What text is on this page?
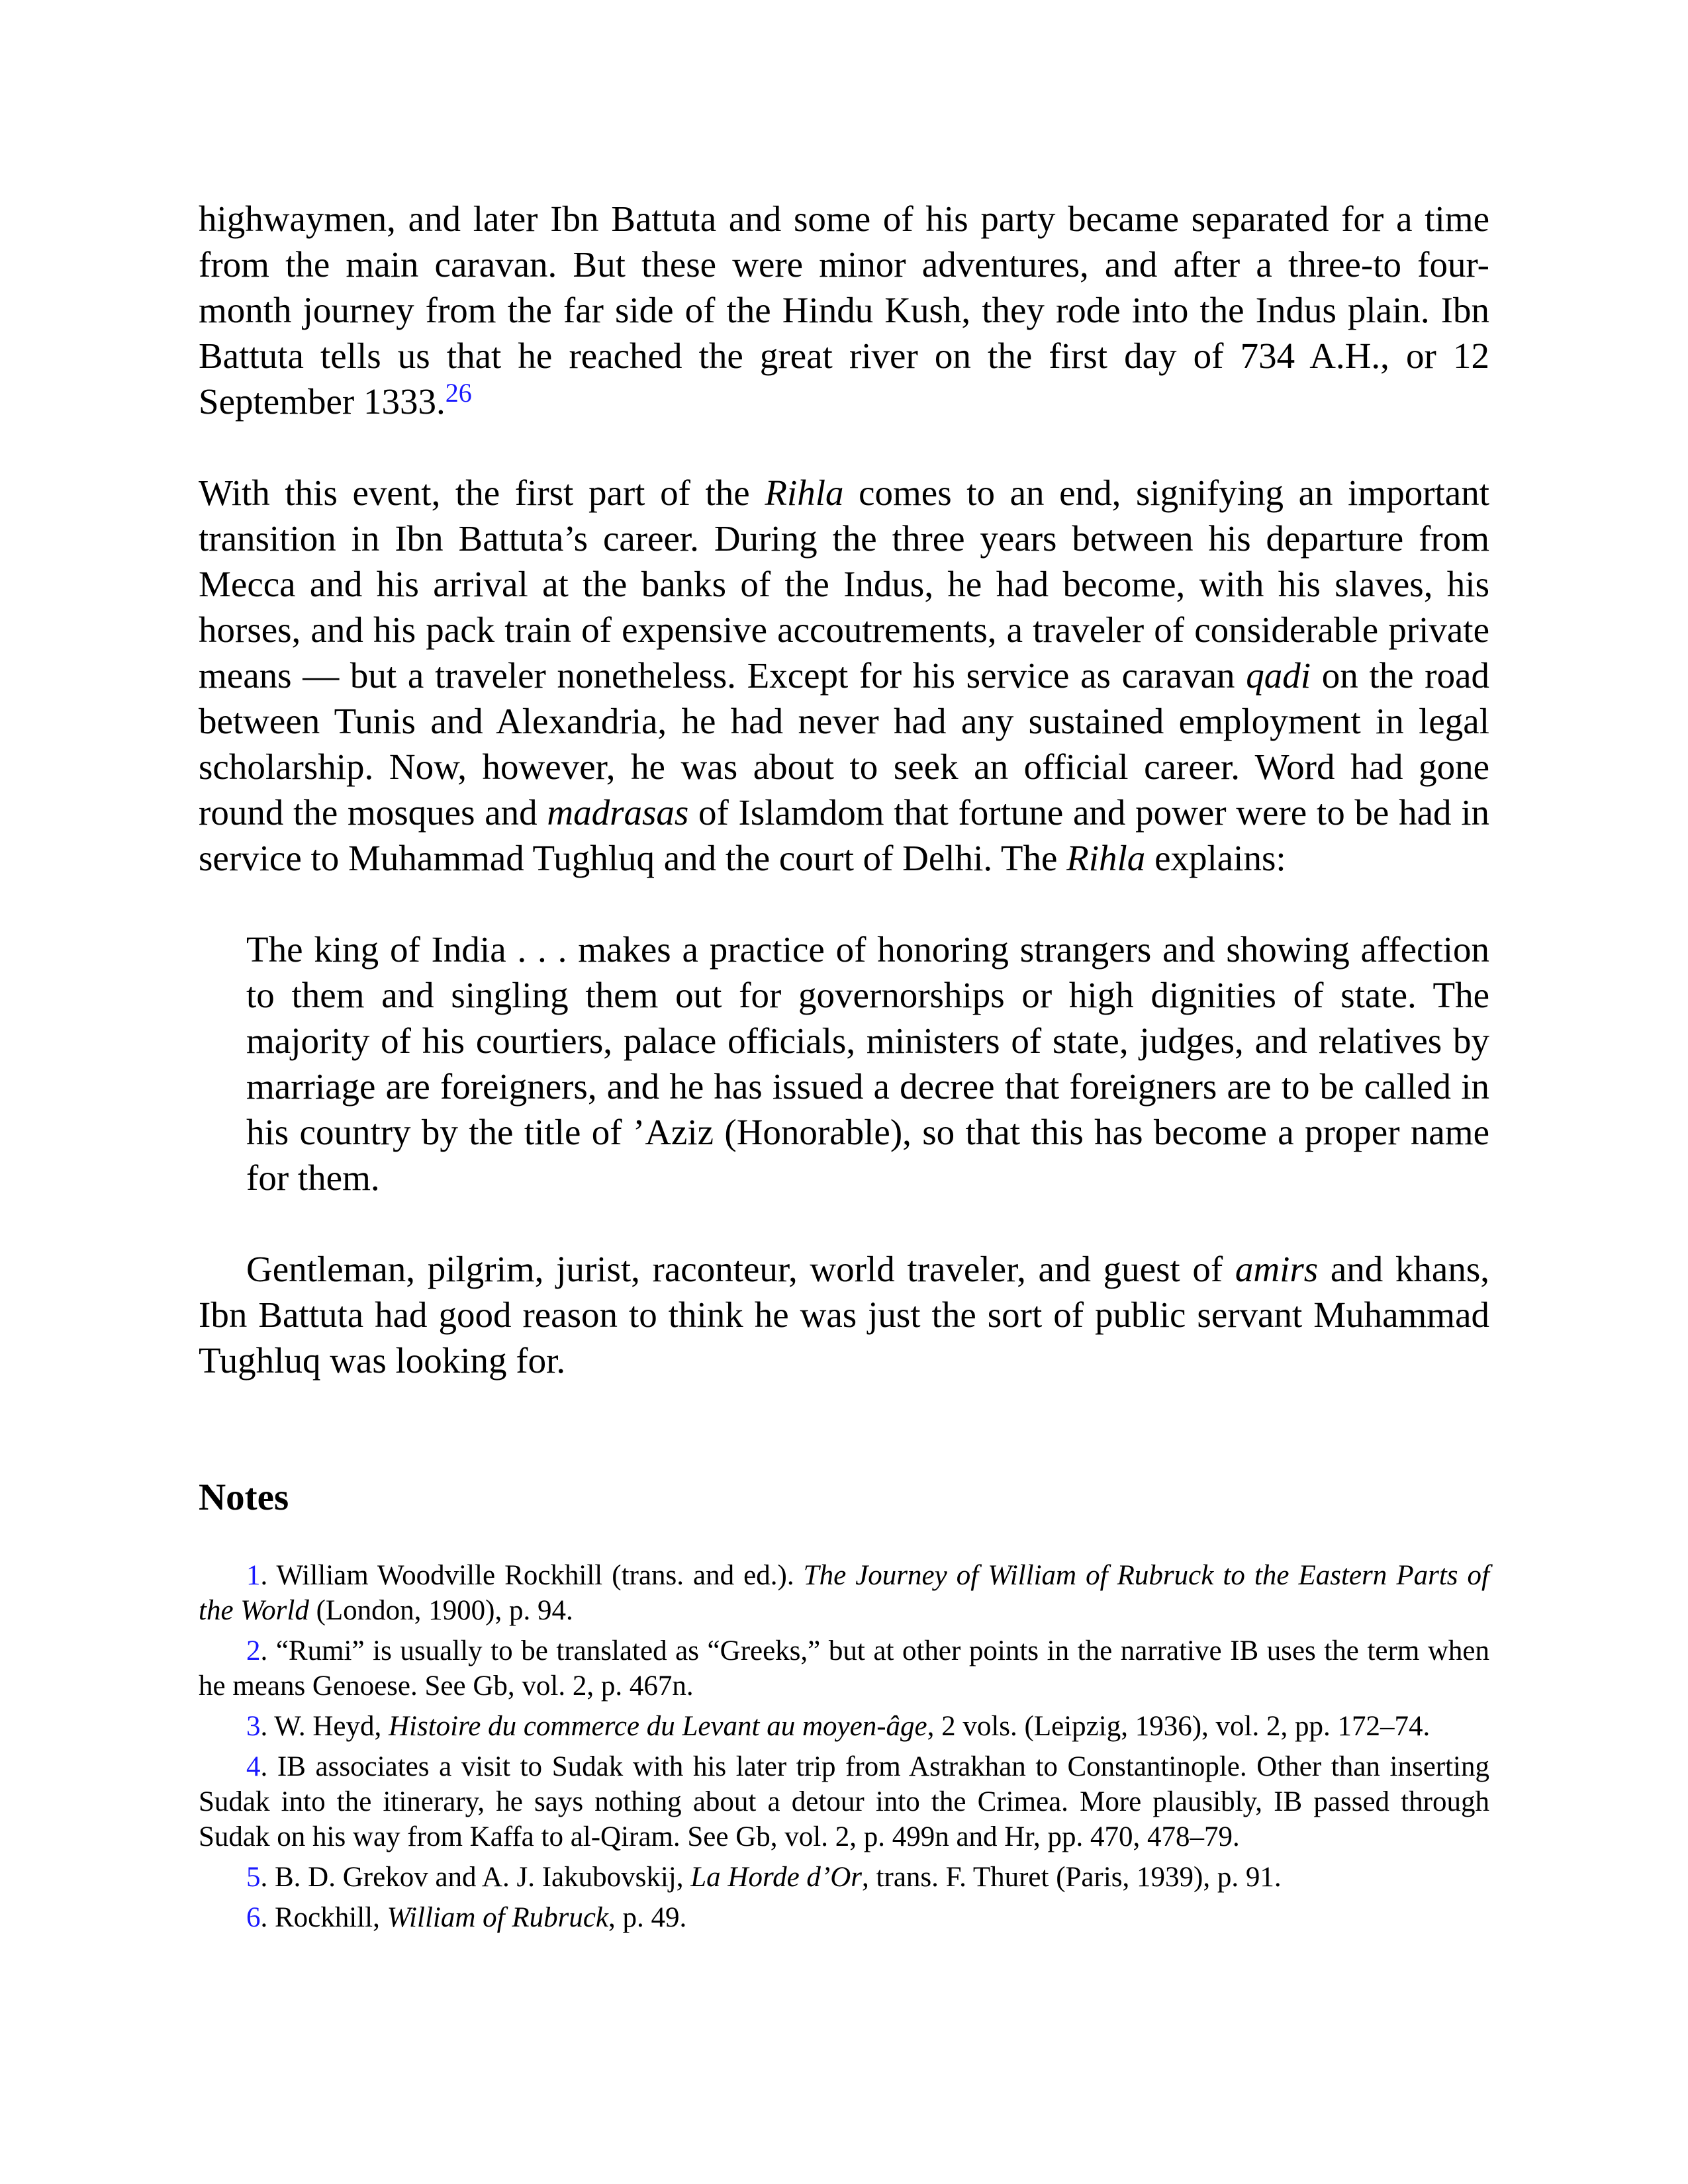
highwaymen, and later Ibn Battuta and some of his party became separated for a time from the main caravan. But these were minor adventures, and after a three-to four-month journey from the far side of the Hindu Kush, they rode into the Indus plain. Ibn Battuta tells us that he reached the great river on the first day of 734 A.H., or 12 September 1333.26

With this event, the first part of the Rihla comes to an end, signifying an important transition in Ibn Battuta’s career. During the three years between his departure from Mecca and his arrival at the banks of the Indus, he had become, with his slaves, his horses, and his pack train of expensive accoutrements, a traveler of considerable private means — but a traveler nonetheless. Except for his service as caravan qadi on the road between Tunis and Alexandria, he had never had any sustained employment in legal scholarship. Now, however, he was about to seek an official career. Word had gone round the mosques and madrasas of Islamdom that fortune and power were to be had in service to Muhammad Tughluq and the court of Delhi. The Rihla explains:

The king of India . . . makes a practice of honoring strangers and showing affection to them and singling them out for governorships or high dignities of state. The majority of his courtiers, palace officials, ministers of state, judges, and relatives by marriage are foreigners, and he has issued a decree that foreigners are to be called in his country by the title of ’Aziz (Honorable), so that this has become a proper name for them.

Gentleman, pilgrim, jurist, raconteur, world traveler, and guest of amirs and khans, Ibn Battuta had good reason to think he was just the sort of public servant Muhammad Tughluq was looking for.

Notes

1. William Woodville Rockhill (trans. and ed.). The Journey of William of Rubruck to the Eastern Parts of the World (London, 1900), p. 94.

2. “Rumi” is usually to be translated as “Greeks,” but at other points in the narrative IB uses the term when he means Genoese. See Gb, vol. 2, p. 467n.

3. W. Heyd, Histoire du commerce du Levant au moyen-âge, 2 vols. (Leipzig, 1936), vol. 2, pp. 172–74.

4. IB associates a visit to Sudak with his later trip from Astrakhan to Constantinople. Other than inserting Sudak into the itinerary, he says nothing about a detour into the Crimea. More plausibly, IB passed through Sudak on his way from Kaffa to al-Qiram. See Gb, vol. 2, p. 499n and Hr, pp. 470, 478–79.

5. B. D. Grekov and A. J. Iakubovskij, La Horde d’Or, trans. F. Thuret (Paris, 1939), p. 91.

6. Rockhill, William of Rubruck, p. 49.
